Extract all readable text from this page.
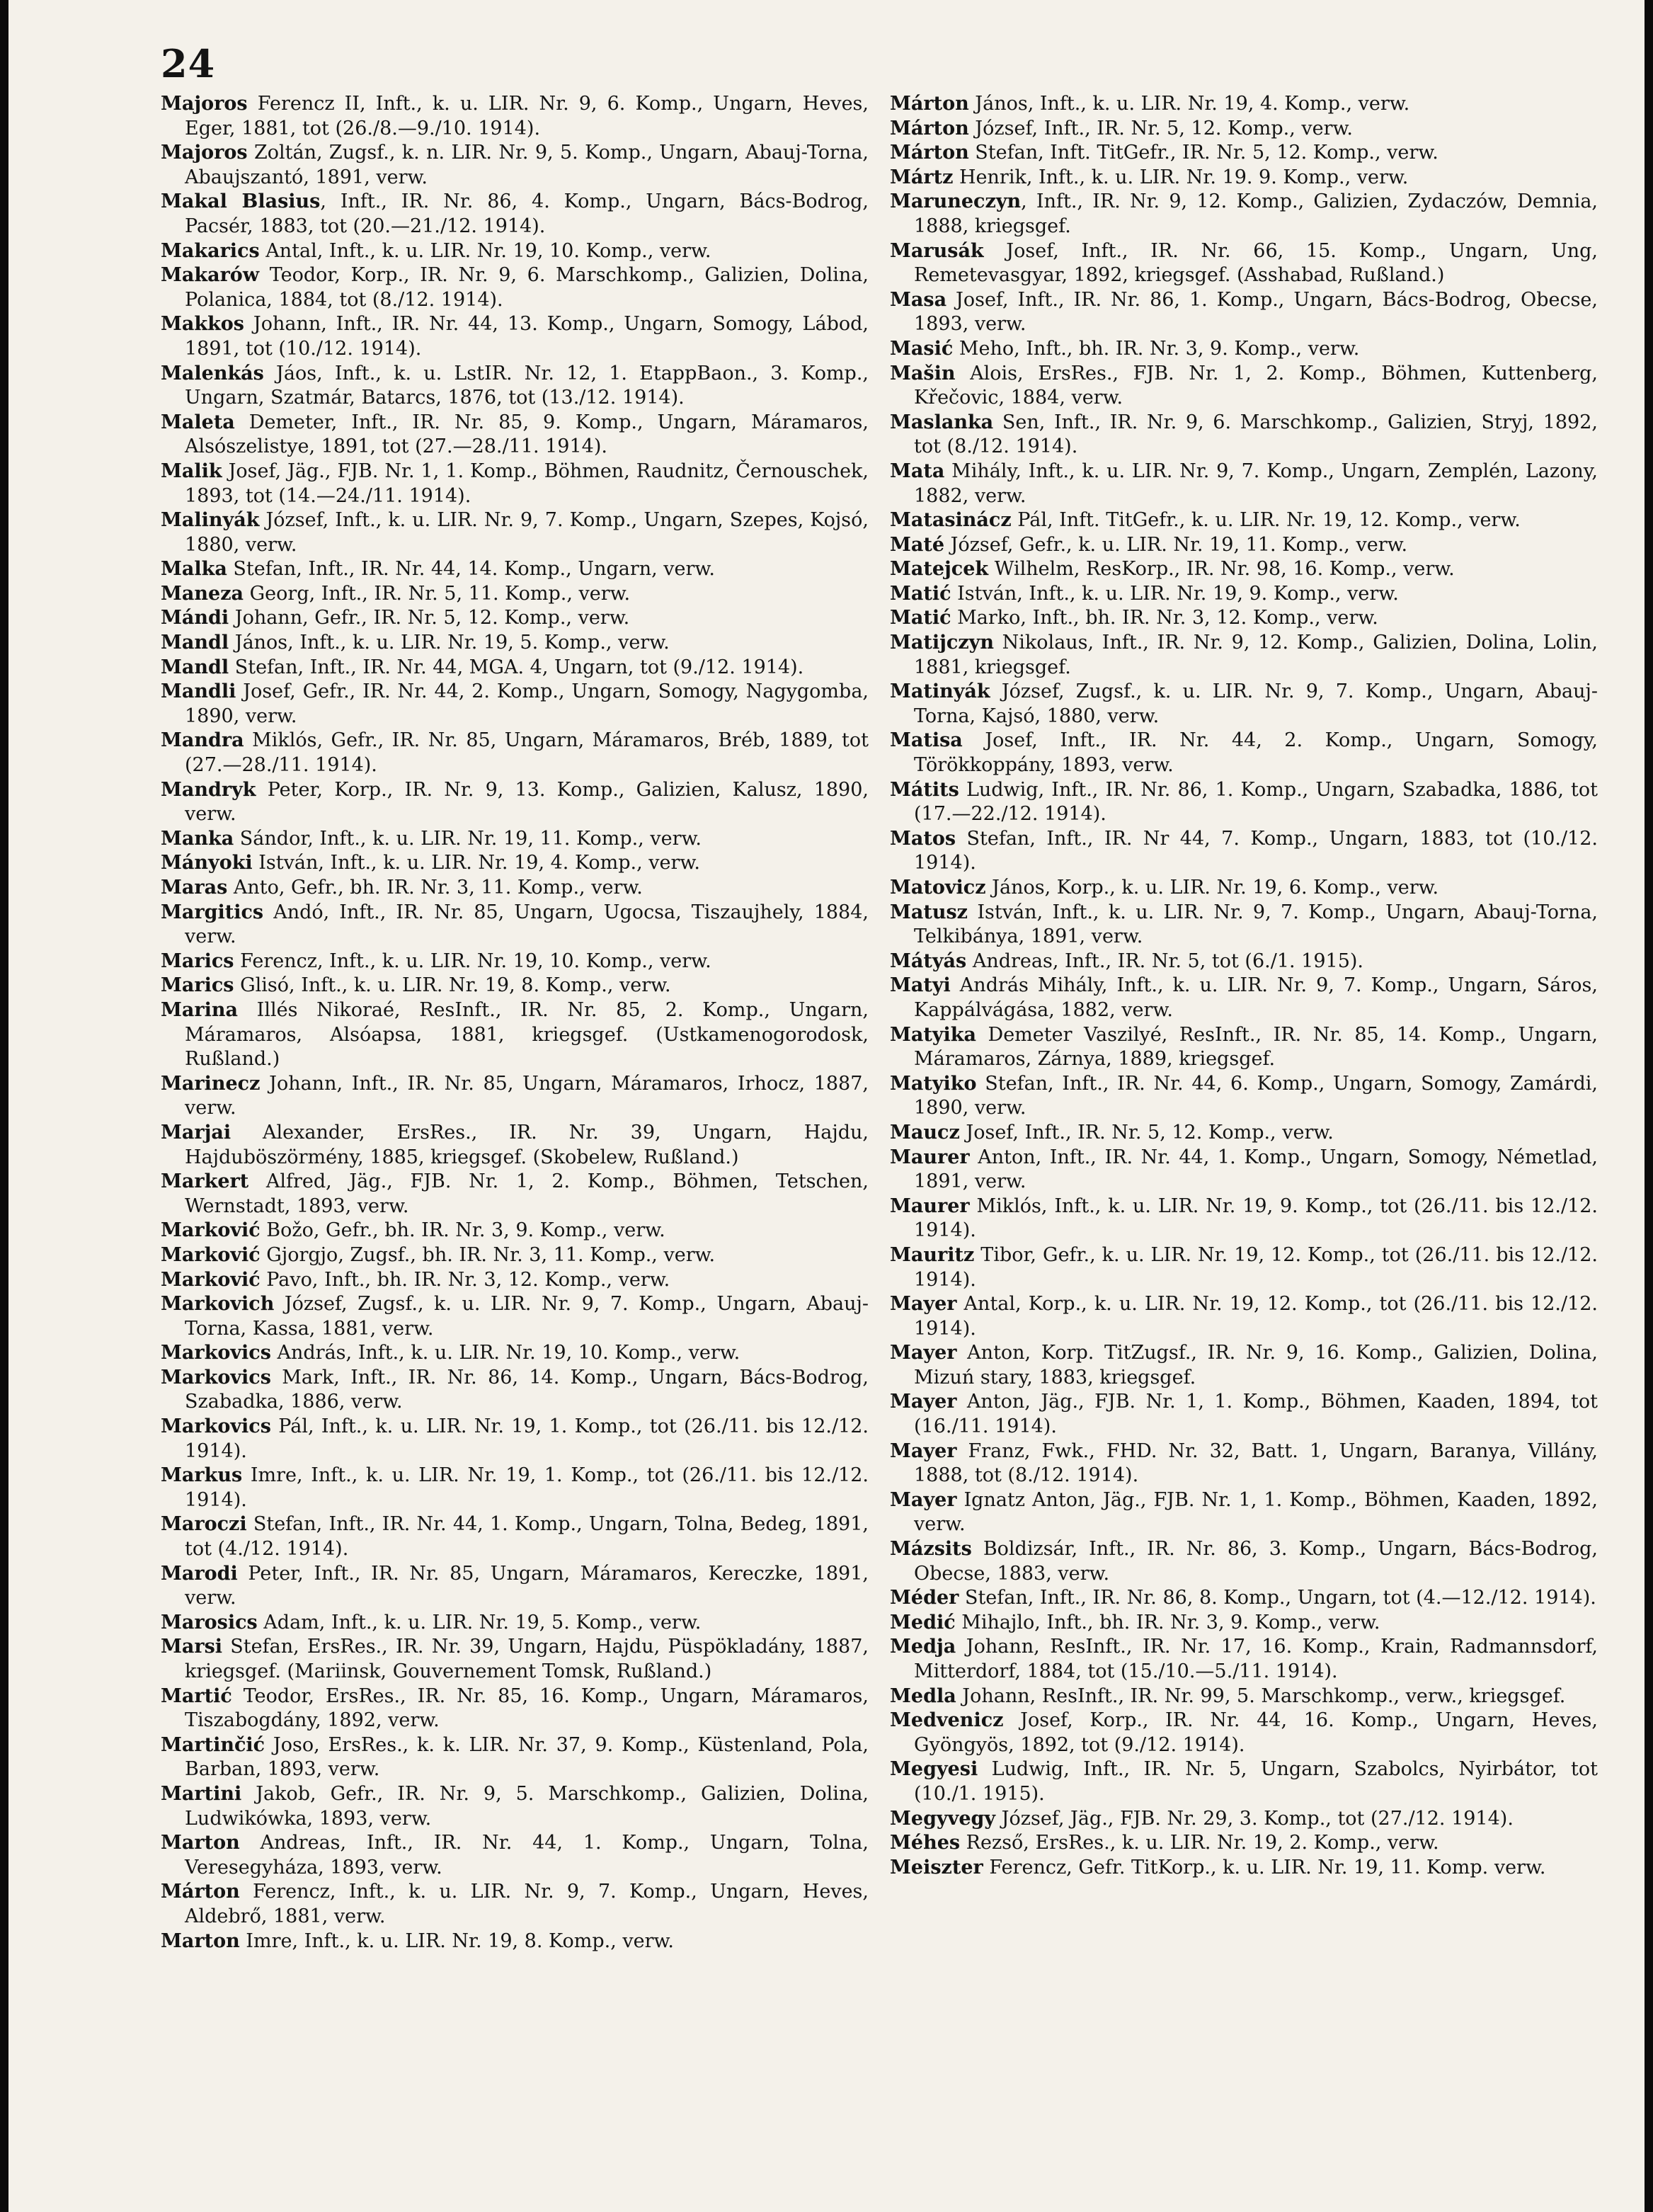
24

Majoros Ferencz II, Inft., k. u. LIR. Nr. 9, 6. Komp., Ungarn, Heves, Eger, 1881, tot (26./8.—9./10. 1914).

Majoros Zoltán, Zugsf., k. n. LIR. Nr. 9, 5. Komp., Ungarn, Abauj-Torna, Abaujszantó, 1891, verw.

Makal Blasius, Inft., IR. Nr. 86, 4. Komp., Ungarn, Bács-Bodrog, Pacsér, 1883, tot (20.—21./12. 1914).

Makarics Antal, Inft., k. u. LIR. Nr. 19, 10. Komp., verw.

Makarów Teodor, Korp., IR. Nr. 9, 6. Marschkomp., Galizien, Dolina, Polanica, 1884, tot (8./12. 1914).

Makkos Johann, Inft., IR. Nr. 44, 13. Komp., Ungarn, Somogy, Lábod, 1891, tot (10./12. 1914).

Malenkás Jáos, Inft., k. u. LstIR. Nr. 12, 1. EtappBaon., 3. Komp., Ungarn, Szatmár, Batarcs, 1876, tot (13./12. 1914).

Maleta Demeter, Inft., IR. Nr. 85, 9. Komp., Ungarn, Máramaros, Alsószelistye, 1891, tot (27.—28./11. 1914).

Malik Josef, Jäg., FJB. Nr. 1, 1. Komp., Böhmen, Raudnitz, Černouschek, 1893, tot (14.—24./11. 1914).

Malinyák József, Inft., k. u. LIR. Nr. 9, 7. Komp., Ungarn, Szepes, Kojsó, 1880, verw.

Malka Stefan, Inft., IR. Nr. 44, 14. Komp., Ungarn, verw.

Maneza Georg, Inft., IR. Nr. 5, 11. Komp., verw.

Mándi Johann, Gefr., IR. Nr. 5, 12. Komp., verw.

Mandl János, Inft., k. u. LIR. Nr. 19, 5. Komp., verw.

Mandl Stefan, Inft., IR. Nr. 44, MGA. 4, Ungarn, tot (9./12. 1914).

Mandli Josef, Gefr., IR. Nr. 44, 2. Komp., Ungarn, Somogy, Nagygomba, 1890, verw.

Mandra Miklós, Gefr., IR. Nr. 85, Ungarn, Máramaros, Bréb, 1889, tot (27.—28./11. 1914).

Mandryk Peter, Korp., IR. Nr. 9, 13. Komp., Galizien, Kalusz, 1890, verw.

Manka Sándor, Inft., k. u. LIR. Nr. 19, 11. Komp., verw.

Mányoki István, Inft., k. u. LIR. Nr. 19, 4. Komp., verw.

Maras Anto, Gefr., bh. IR. Nr. 3, 11. Komp., verw.

Margitics Andó, Inft., IR. Nr. 85, Ungarn, Ugocsa, Tiszaujhely, 1884, verw.

Marics Ferencz, Inft., k. u. LIR. Nr. 19, 10. Komp., verw.

Marics Glisó, Inft., k. u. LIR. Nr. 19, 8. Komp., verw.

Marina Illés Nikoraé, ResInft., IR. Nr. 85, 2. Komp., Ungarn, Máramaros, Alsóapsa, 1881, kriegsgef. (Ustkamenogorodosk, Rußland.)

Marinecz Johann, Inft., IR. Nr. 85, Ungarn, Máramaros, Irhocz, 1887, verw.

Marjai Alexander, ErsRes., IR. Nr. 39, Ungarn, Hajdu, Hajduböszörmény, 1885, kriegsgef. (Skobelew, Rußland.)

Markert Alfred, Jäg., FJB. Nr. 1, 2. Komp., Böhmen, Tetschen, Wernstadt, 1893, verw.

Marković Božo, Gefr., bh. IR. Nr. 3, 9. Komp., verw.

Marković Gjorgjo, Zugsf., bh. IR. Nr. 3, 11. Komp., verw.

Marković Pavo, Inft., bh. IR. Nr. 3, 12. Komp., verw.

Markovich József, Zugsf., k. u. LIR. Nr. 9, 7. Komp., Ungarn, Abauj-Torna, Kassa, 1881, verw.

Markovics András, Inft., k. u. LIR. Nr. 19, 10. Komp., verw.

Markovics Mark, Inft., IR. Nr. 86, 14. Komp., Ungarn, Bács-Bodrog, Szabadka, 1886, verw.

Markovics Pál, Inft., k. u. LIR. Nr. 19, 1. Komp., tot (26./11. bis 12./12. 1914).

Markus Imre, Inft., k. u. LIR. Nr. 19, 1. Komp., tot (26./11. bis 12./12. 1914).

Maroczi Stefan, Inft., IR. Nr. 44, 1. Komp., Ungarn, Tolna, Bedeg, 1891, tot (4./12. 1914).

Marodi Peter, Inft., IR. Nr. 85, Ungarn, Máramaros, Kereczke, 1891, verw.

Marosics Adam, Inft., k. u. LIR. Nr. 19, 5. Komp., verw.

Marsi Stefan, ErsRes., IR. Nr. 39, Ungarn, Hajdu, Püspökladány, 1887, kriegsgef. (Mariinsk, Gouvernement Tomsk, Rußland.)

Martić Teodor, ErsRes., IR. Nr. 85, 16. Komp., Ungarn, Máramaros, Tiszabogdány, 1892, verw.

Martinčić Joso, ErsRes., k. k. LIR. Nr. 37, 9. Komp., Küstenland, Pola, Barban, 1893, verw.

Martini Jakob, Gefr., IR. Nr. 9, 5. Marschkomp., Galizien, Dolina, Ludwikówka, 1893, verw.

Marton Andreas, Inft., IR. Nr. 44, 1. Komp., Ungarn, Tolna, Veresegyháza, 1893, verw.

Márton Ferencz, Inft., k. u. LIR. Nr. 9, 7. Komp., Ungarn, Heves, Aldebrő, 1881, verw.

Marton Imre, Inft., k. u. LIR. Nr. 19, 8. Komp., verw.

Márton János, Inft., k. u. LIR. Nr. 19, 4. Komp., verw.

Márton József, Inft., IR. Nr. 5, 12. Komp., verw.

Márton Stefan, Inft. TitGefr., IR. Nr. 5, 12. Komp., verw.

Mártz Henrik, Inft., k. u. LIR. Nr. 19. 9. Komp., verw.

Maruneczyn, Inft., IR. Nr. 9, 12. Komp., Galizien, Zydaczów, Demnia, 1888, kriegsgef.

Marusák Josef, Inft., IR. Nr. 66, 15. Komp., Ungarn, Ung, Remetevasgyar, 1892, kriegsgef. (Asshabad, Rußland.)

Masa Josef, Inft., IR. Nr. 86, 1. Komp., Ungarn, Bács-Bodrog, Obecse, 1893, verw.

Masić Meho, Inft., bh. IR. Nr. 3, 9. Komp., verw.

Mašin Alois, ErsRes., FJB. Nr. 1, 2. Komp., Böhmen, Kuttenberg, Křečovic, 1884, verw.

Maslanka Sen, Inft., IR. Nr. 9, 6. Marschkomp., Galizien, Stryj, 1892, tot (8./12. 1914).

Mata Mihály, Inft., k. u. LIR. Nr. 9, 7. Komp., Ungarn, Zemplén, Lazony, 1882, verw.

Matasinácz Pál, Inft. TitGefr., k. u. LIR. Nr. 19, 12. Komp., verw.

Maté József, Gefr., k. u. LIR. Nr. 19, 11. Komp., verw.

Matejcek Wilhelm, ResKorp., IR. Nr. 98, 16. Komp., verw.

Matić István, Inft., k. u. LIR. Nr. 19, 9. Komp., verw.

Matić Marko, Inft., bh. IR. Nr. 3, 12. Komp., verw.

Matijczyn Nikolaus, Inft., IR. Nr. 9, 12. Komp., Galizien, Dolina, Lolin, 1881, kriegsgef.

Matinyák József, Zugsf., k. u. LIR. Nr. 9, 7. Komp., Ungarn, Abauj-Torna, Kajsó, 1880, verw.

Matisa Josef, Inft., IR. Nr. 44, 2. Komp., Ungarn, Somogy, Törökkoppány, 1893, verw.

Mátits Ludwig, Inft., IR. Nr. 86, 1. Komp., Ungarn, Szabadka, 1886, tot (17.—22./12. 1914).

Matos Stefan, Inft., IR. Nr 44, 7. Komp., Ungarn, 1883, tot (10./12. 1914).

Matovicz János, Korp., k. u. LIR. Nr. 19, 6. Komp., verw.

Matusz István, Inft., k. u. LIR. Nr. 9, 7. Komp., Ungarn, Abauj-Torna, Telkibánya, 1891, verw.

Mátyás Andreas, Inft., IR. Nr. 5, tot (6./1. 1915).

Matyi András Mihály, Inft., k. u. LIR. Nr. 9, 7. Komp., Ungarn, Sáros, Kappálvágása, 1882, verw.

Matyika Demeter Vaszilyé, ResInft., IR. Nr. 85, 14. Komp., Ungarn, Máramaros, Zárnya, 1889, kriegsgef.

Matyiko Stefan, Inft., IR. Nr. 44, 6. Komp., Ungarn, Somogy, Zamárdi, 1890, verw.

Maucz Josef, Inft., IR. Nr. 5, 12. Komp., verw.

Maurer Anton, Inft., IR. Nr. 44, 1. Komp., Ungarn, Somogy, Németlad, 1891, verw.

Maurer Miklós, Inft., k. u. LIR. Nr. 19, 9. Komp., tot (26./11. bis 12./12. 1914).

Mauritz Tibor, Gefr., k. u. LIR. Nr. 19, 12. Komp., tot (26./11. bis 12./12. 1914).

Mayer Antal, Korp., k. u. LIR. Nr. 19, 12. Komp., tot (26./11. bis 12./12. 1914).

Mayer Anton, Korp. TitZugsf., IR. Nr. 9, 16. Komp., Galizien, Dolina, Mizuń stary, 1883, kriegsgef.

Mayer Anton, Jäg., FJB. Nr. 1, 1. Komp., Böhmen, Kaaden, 1894, tot (16./11. 1914).

Mayer Franz, Fwk., FHD. Nr. 32, Batt. 1, Ungarn, Baranya, Villány, 1888, tot (8./12. 1914).

Mayer Ignatz Anton, Jäg., FJB. Nr. 1, 1. Komp., Böhmen, Kaaden, 1892, verw.

Mázsits Boldizsár, Inft., IR. Nr. 86, 3. Komp., Ungarn, Bács-Bodrog, Obecse, 1883, verw.

Méder Stefan, Inft., IR. Nr. 86, 8. Komp., Ungarn, tot (4.—12./12. 1914).

Medić Mihajlo, Inft., bh. IR. Nr. 3, 9. Komp., verw.

Medja Johann, ResInft., IR. Nr. 17, 16. Komp., Krain, Radmannsdorf, Mitterdorf, 1884, tot (15./10.—5./11. 1914).

Medla Johann, ResInft., IR. Nr. 99, 5. Marschkomp., verw., kriegsgef.

Medvenicz Josef, Korp., IR. Nr. 44, 16. Komp., Ungarn, Heves, Gyöngyös, 1892, tot (9./12. 1914).

Megyesi Ludwig, Inft., IR. Nr. 5, Ungarn, Szabolcs, Nyirbátor, tot (10./1. 1915).

Megyvegy József, Jäg., FJB. Nr. 29, 3. Komp., tot (27./12. 1914).

Méhes Rezső, ErsRes., k. u. LIR. Nr. 19, 2. Komp., verw.

Meiszter Ferencz, Gefr. TitKorp., k. u. LIR. Nr. 19, 11. Komp. verw.
